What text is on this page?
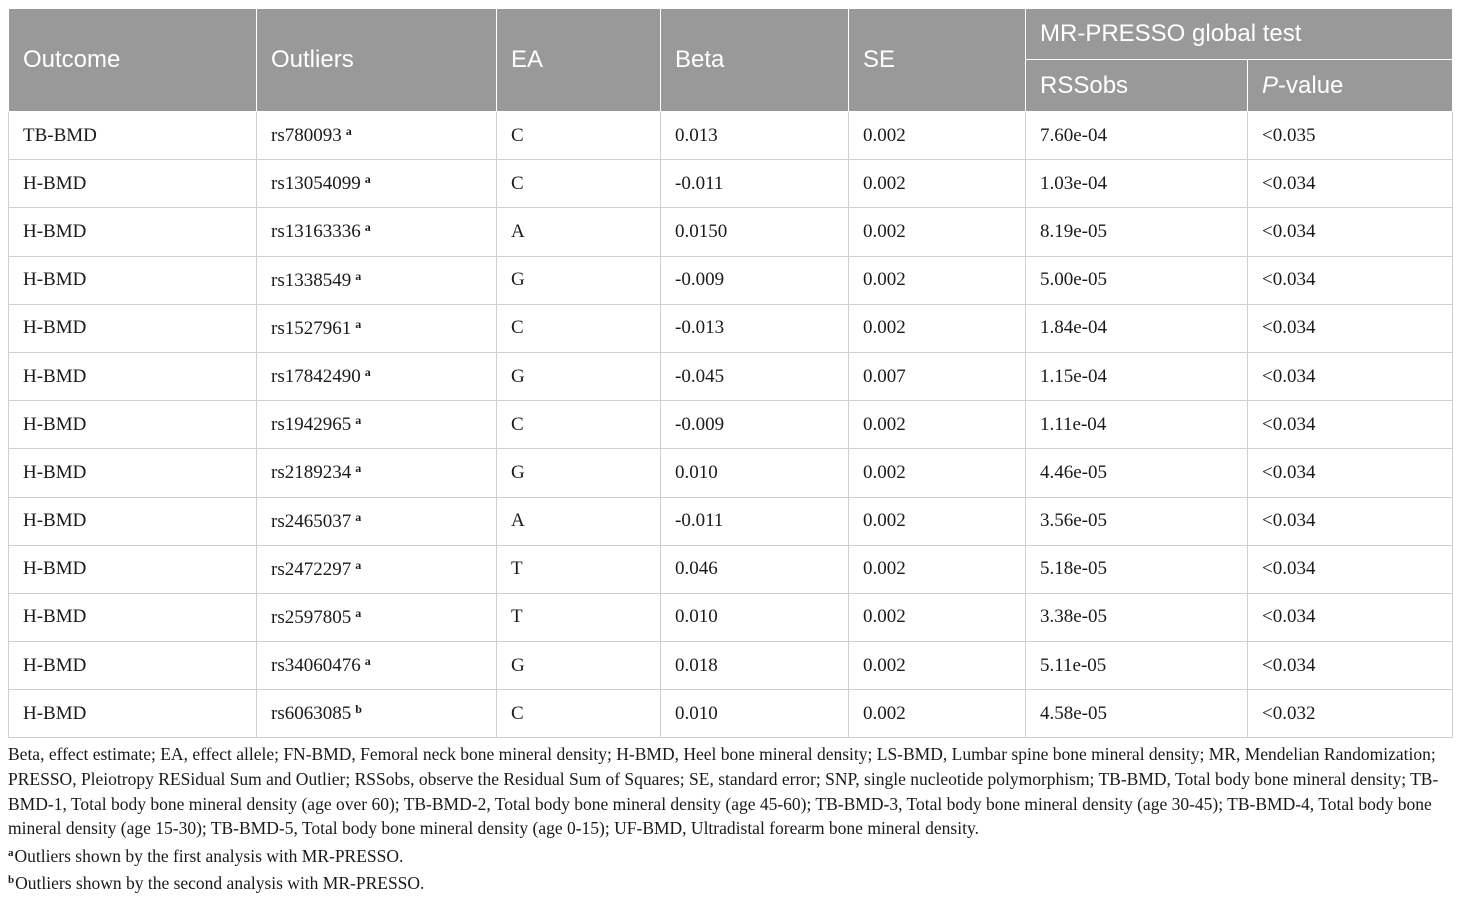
Outcome	Outliers	EA	Beta	SE	MR-PRESSO global test	
					RSSobs	P-value
TB-BMD	rs780093 $^a$	C	0.013	0.002	7.60e-04	<0.035
H-BMD	rs13054099 $^a$	C	-0.011	0.002	1.03e-04	<0.034
H-BMD	rs13163336 $^a$	A	0.0150	0.002	8.19e-05	<0.034
H-BMD	rs1338549 $^a$	G	-0.009	0.002	5.00e-05	<0.034
H-BMD	rs1527961 $^a$	C	-0.013	0.002	1.84e-04	<0.034
H-BMD	rs17842490 $^a$	G	-0.045	0.007	1.15e-04	<0.034
H-BMD	rs1942965 $^a$	C	-0.009	0.002	1.11e-04	<0.034
H-BMD	rs2189234 $^a$	G	0.010	0.002	4.46e-05	<0.034
H-BMD	rs2465037 $^a$	A	-0.011	0.002	3.56e-05	<0.034
H-BMD	rs2472297 $^a$	T	0.046	0.002	5.18e-05	<0.034
H-BMD	rs2597805 $^a$	T	0.010	0.002	3.38e-05	<0.034
H-BMD	rs34060476 $^a$	G	0.018	0.002	5.11e-05	<0.034
H-BMD	rs6063085 $^b$	C	0.010	0.002	4.58e-05	<0.032

Beta, effect estimate; EA, effect allele; FN-BMD, Femoral neck bone mineral density; H-BMD, Heel bone mineral density; LS-BMD, Lumbar spine bone mineral density; MR, Mendelian Randomization; PRESSO, Pleiotropy RESidual Sum and Outlier; RSSobs, observe the Residual Sum of Squares; SE, standard error; SNP, single nucleotide polymorphism; TB-BMD, Total body bone mineral density; TB-BMD-1, Total body bone mineral density (age over 60); TB-BMD-2, Total body bone mineral density (age 45-60); TB-BMD-3, Total body bone mineral density (age 30-45); TB-BMD-4, Total body bone mineral density (age 15-30); TB-BMD-5, Total body bone mineral density (age 0-15); UF-BMD, Ultradistal forearm bone mineral density.

$^a$Outliers shown by the first analysis with MR-PRESSO.

$^b$Outliers shown by the second analysis with MR-PRESSO.
